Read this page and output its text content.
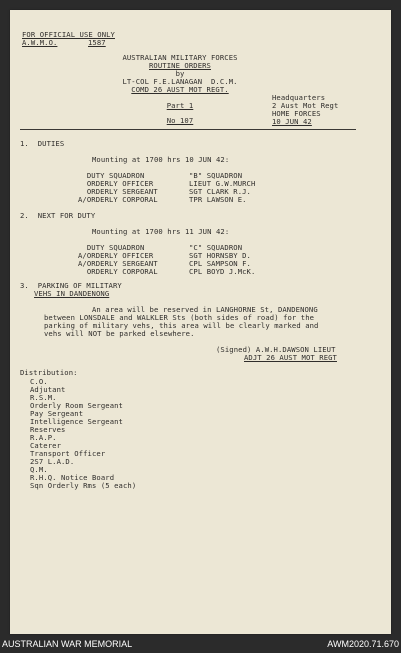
FOR OFFICIAL USE ONLY
A.W.M.O.	1587
AUSTRALIAN MILITARY FORCES
ROUTINE ORDERS
by
LT-COL F.E.LANAGAN  D.C.M.
COMD 26 AUST MOT REGT.
Part 1
No 107
Headquarters
2 Aust Mot Regt
HOME FORCES
10 JUN 42
1.  DUTIES
Mounting at 1700 hrs 10 JUN 42:
DUTY SQUADRON	"B" SQUADRON
ORDERLY OFFICER	LIEUT G.W.MURCH
ORDERLY SERGEANT	SGT CLARK R.J.
A/ORDERLY CORPORAL	TPR LAWSON E.
2.  NEXT FOR DUTY
Mounting at 1700 hrs 11 JUN 42:
DUTY SQUADRON	"C" SQUADRON
A/ORDERLY OFFICER	SGT HORNSBY D.
A/ORDERLY SERGEANT	CPL SAMPSON F.
ORDERLY CORPORAL	CPL BOYD J.McK.
3.  PARKING OF MILITARY
VEHS IN DANDENONG
An area will be reserved in LANGHORNE St, DANDENONG
between LONSDALE and WALKLER Sts (both sides of road) for the
parking of military vehs, this area will be clearly marked and
vehs will NOT be parked elsewhere.
(Signed) A.W.H.DAWSON LIEUT
ADJT 26 AUST MOT REGT
Distribution:
C.O.
Adjutant
R.S.M.
Orderly Room Sergeant
Pay Sergeant
Intelligence Sergeant
Reserves
R.A.P.
Caterer
Transport Officer
2S7 L.A.D.
Q.M.
R.H.Q. Notice Board
Sqn Orderly Rms (5 each)
AUSTRALIAN WAR MEMORIAL	AWM2020.71.670
